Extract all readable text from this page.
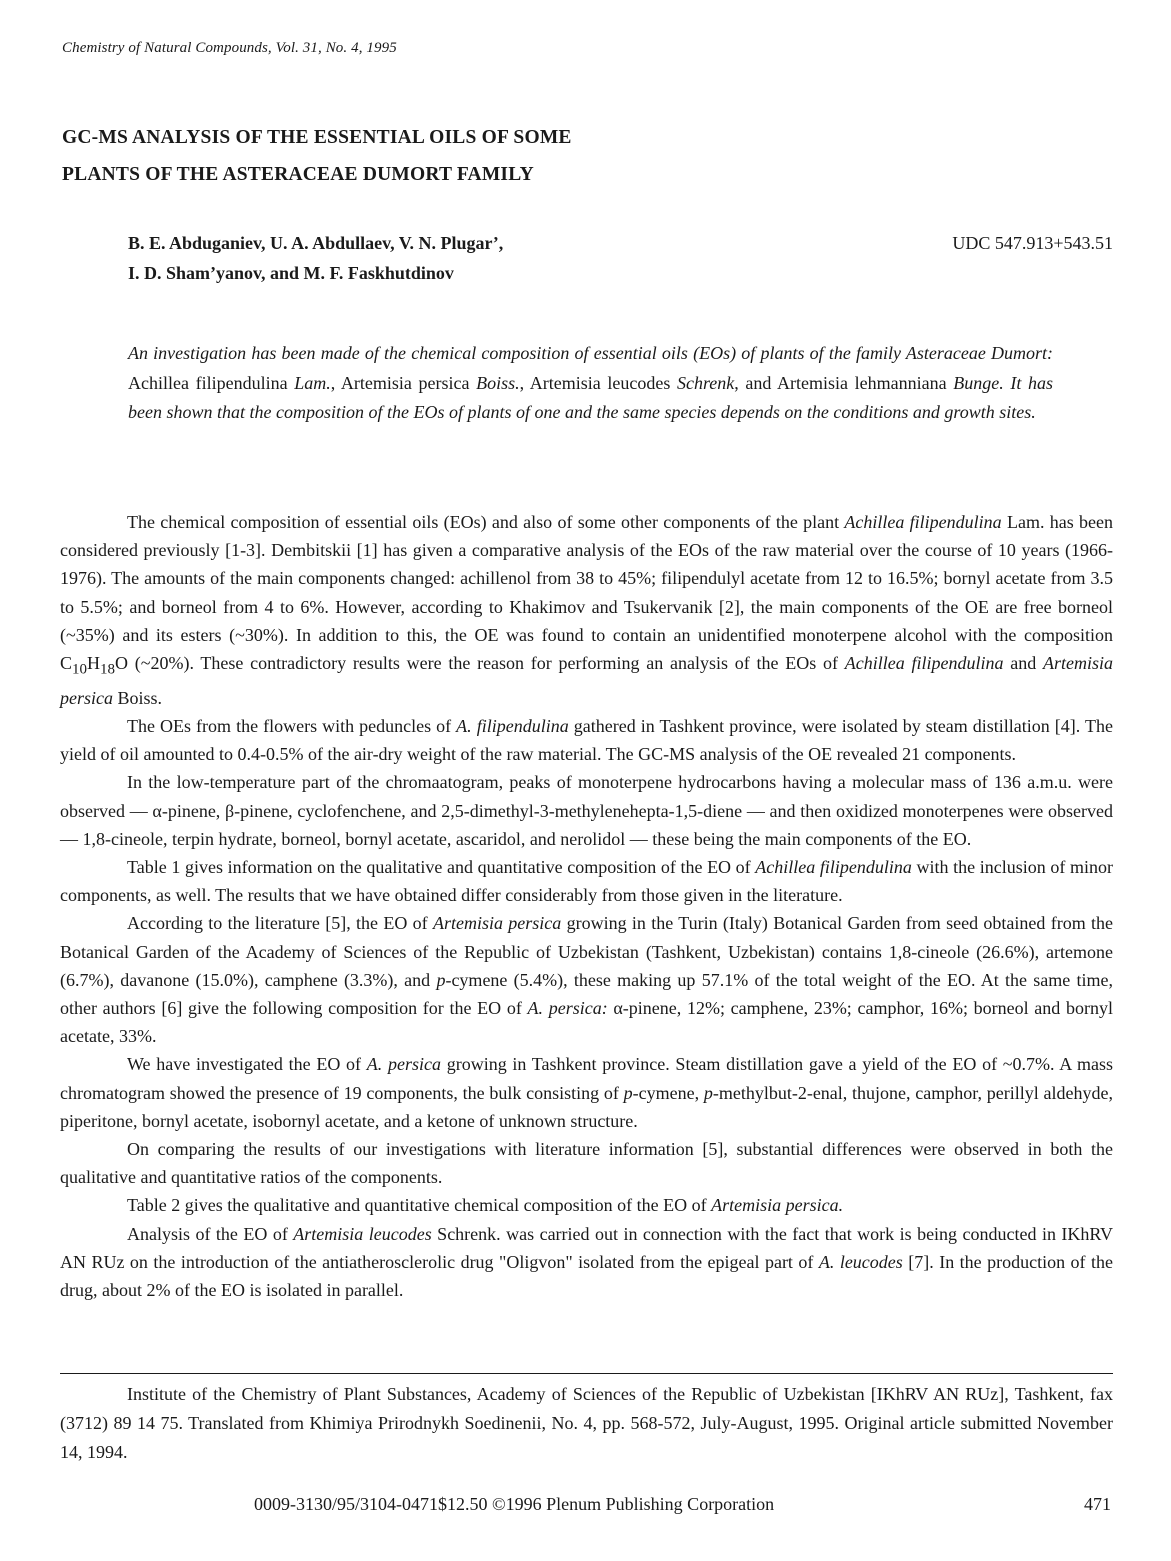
Chemistry of Natural Compounds, Vol. 31, No. 4, 1995
GC-MS ANALYSIS OF THE ESSENTIAL OILS OF SOME
PLANTS OF THE ASTERACEAE DUMORT FAMILY
B. E. Abduganiev, U. A. Abdullaev, V. N. Plugar’,
I. D. Sham’yanov, and M. F. Faskhutdinov
UDC 547.913+543.51

An investigation has been made of the chemical composition of essential oils (EOs) of plants of the family Asteraceae Dumort: Achillea filipendulina Lam., Artemisia persica Boiss., Artemisia leucodes Schrenk, and Artemisia lehmanniana Bunge. It has been shown that the composition of the EOs of plants of one and the same species depends on the conditions and growth sites.

The chemical composition of essential oils (EOs) and also of some other components of the plant Achillea filipendulina Lam. has been considered previously [1-3]. Dembitskii [1] has given a comparative analysis of the EOs of the raw material over the course of 10 years (1966-1976). The amounts of the main components changed: achillenol from 38 to 45%; filipendulyl acetate from 12 to 16.5%; bornyl acetate from 3.5 to 5.5%; and borneol from 4 to 6%. However, according to Khakimov and Tsukervanik [2], the main components of the OE are free borneol (~35%) and its esters (~30%). In addition to this, the OE was found to contain an unidentified monoterpene alcohol with the composition $C_{10}H_{18}O$ (~20%). These contradictory results were the reason for performing an analysis of the EOs of Achillea filipendulina and Artemisia persica Boiss.

The OEs from the flowers with peduncles of A. filipendulina gathered in Tashkent province, were isolated by steam distillation [4]. The yield of oil amounted to 0.4-0.5% of the air-dry weight of the raw material. The GC-MS analysis of the OE revealed 21 components.

In the low-temperature part of the chromaatogram, peaks of monoterpene hydrocarbons having a molecular mass of 136 a.m.u. were observed — α-pinene, β-pinene, cyclofenchene, and 2,5-dimethyl-3-methylenehepta-1,5-diene — and then oxidized monoterpenes were observed — 1,8-cineole, terpin hydrate, borneol, bornyl acetate, ascaridol, and nerolidol — these being the main components of the EO.

Table 1 gives information on the qualitative and quantitative composition of the EO of Achillea filipendulina with the inclusion of minor components, as well. The results that we have obtained differ considerably from those given in the literature.

According to the literature [5], the EO of Artemisia persica growing in the Turin (Italy) Botanical Garden from seed obtained from the Botanical Garden of the Academy of Sciences of the Republic of Uzbekistan (Tashkent, Uzbekistan) contains 1,8-cineole (26.6%), artemone (6.7%), davanone (15.0%), camphene (3.3%), and p-cymene (5.4%), these making up 57.1% of the total weight of the EO. At the same time, other authors [6] give the following composition for the EO of A. persica: α-pinene, 12%; camphene, 23%; camphor, 16%; borneol and bornyl acetate, 33%.

We have investigated the EO of A. persica growing in Tashkent province. Steam distillation gave a yield of the EO of ~0.7%. A mass chromatogram showed the presence of 19 components, the bulk consisting of p-cymene, p-methylbut-2-enal, thujone, camphor, perillyl aldehyde, piperitone, bornyl acetate, isobornyl acetate, and a ketone of unknown structure.

On comparing the results of our investigations with literature information [5], substantial differences were observed in both the qualitative and quantitative ratios of the components.

Table 2 gives the qualitative and quantitative chemical composition of the EO of Artemisia persica.

Analysis of the EO of Artemisia leucodes Schrenk. was carried out in connection with the fact that work is being conducted in IKhRV AN RUz on the introduction of the antiatherosclerolic drug "Oligvon" isolated from the epigeal part of A. leucodes [7]. In the production of the drug, about 2% of the EO is isolated in parallel.

Institute of the Chemistry of Plant Substances, Academy of Sciences of the Republic of Uzbekistan [IKhRV AN RUz], Tashkent, fax (3712) 89 14 75. Translated from Khimiya Prirodnykh Soedinenii, No. 4, pp. 568-572, July-August, 1995. Original article submitted November 14, 1994.

0009-3130/95/3104-0471$12.50 ©1996 Plenum Publishing Corporation	471
